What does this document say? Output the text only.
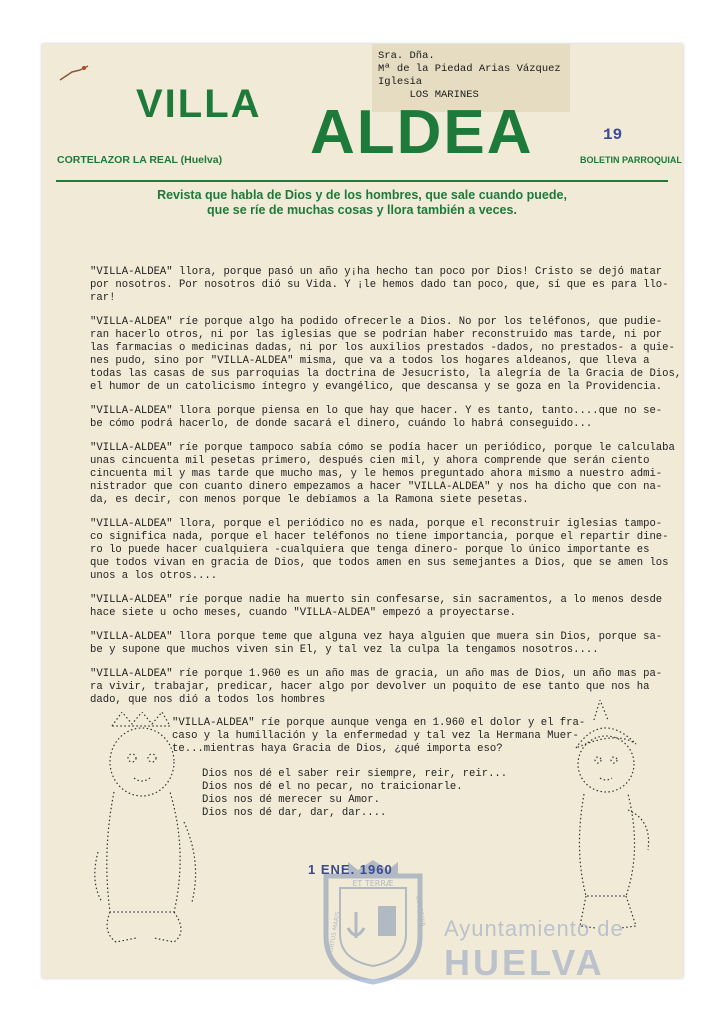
Sra. Dña.
Mª de la Piedad Arias Vázquez
Iglesia
LOS MARINES
VILLA ALDEA	19
CORTELAZOR LA REAL (Huelva)	BOLETIN PARROQUIAL
Revista que habla de Dios y de los hombres, que sale cuando puede,
que se ríe de muchas cosas y llora también a veces.

"VILLA-ALDEA" llora, porque pasó un año y¡ha hecho tan poco por Dios! Cristo se dejó matar
por nosotros. Por nosotros dió su Vida. Y ¡le hemos dado tan poco, que, sí que es para llo-
rar!

"VILLA-ALDEA" ríe porque algo ha podido ofrecerle a Dios. No por los teléfonos, que pudie-
ran hacerlo otros, ni por las iglesias que se podrían haber reconstruido mas tarde, ni por
las farmacias o medicinas dadas, ni por los auxilios prestados -dados, no prestados- a
nes pudo, sino por "VILLA-ALDEA" misma, que va a todos los hogares aldeanos, que lleva a
todas las casas de sus parroquias la doctrina de Jesucristo, la alegría de la Gracia de
el humor de un catolicismo íntegro y evangélico, que descansa y se goza en la Providencia.

"VILLA-ALDEA" llora porque piensa en lo que hay que hacer. Y es tanto, tanto....que no se-
be cómo podrá hacerlo, de donde sacará el dinero, cuándo lo habrá conseguido...

"VILLA-ALDEA" ríe porque tampoco sabía cómo se podía hacer un periódico, porque le calculaba
unas cincuenta mil pesetas primero, después cien mil, y ahora comprende que serán ciento
cincuenta mil y mas tarde que mucho mas, y le hemos preguntado ahora mismo a nuestro admi-
nistrador que con cuanto dinero empezamos a hacer "VILLA-ALDEA" y nos ha dicho que con na-
da, es decir, con menos porque le debíamos a la Ramona siete pesetas.

"VILLA-ALDEA" llora, porque el periódico no es nada, porque el reconstruir iglesias tampo-
co significa nada, porque el hacer teléfonos no tiene importancia, porque el repartir dine-
ro lo puede hacer cualquiera -cualquiera que tenga dinero- porque lo único importante es
que todos vivan en gracia de Dios, que todos amen en sus semejantes a Dios, que se amen
unos a los otros....

"VILLA-ALDEA" ríe porque nadie ha muerto sin confesarse, sin sacramentos, a lo menos desde
hace siete u ocho meses, cuando "VILLA-ALDEA" empezó a proyectarse.

"VILLA-ALDEA" llora porque teme que alguna vez haya alguien que muera sin Dios, porque sa-
be y supone que muchos viven sin El, y tal vez la culpa la tengamos nosotros....

"VILLA-ALDEA" ríe porque 1.960 es un año mas de gracia, un año mas de Dios, un año mas pa-
ra vivir, trabajar, predicar, hacer algo por devolver un poquito de ese tanto que nos ha
dado, que nos dió a todos los hombres

"VILLA-ALDEA" ríe porque aunque venga en 1.960 el dolor y el fra-
caso y la humillación y la enfermedad y tal vez la Hermana Muer-
te...mientras haya Gracia de Dios, ¿qué importa eso?

Dios nos dé el saber reir siempre, reir, reir...
Dios nos dé el no pecar, no traicionarle.
Dios nos dé merecer su Amor.
Dios nos dé dar, dar, dar....
ET TERRÆ
PORTUS MARIS	CUSTODIA
1 ENE. 1960
Ayuntamiento de
HUELVA
